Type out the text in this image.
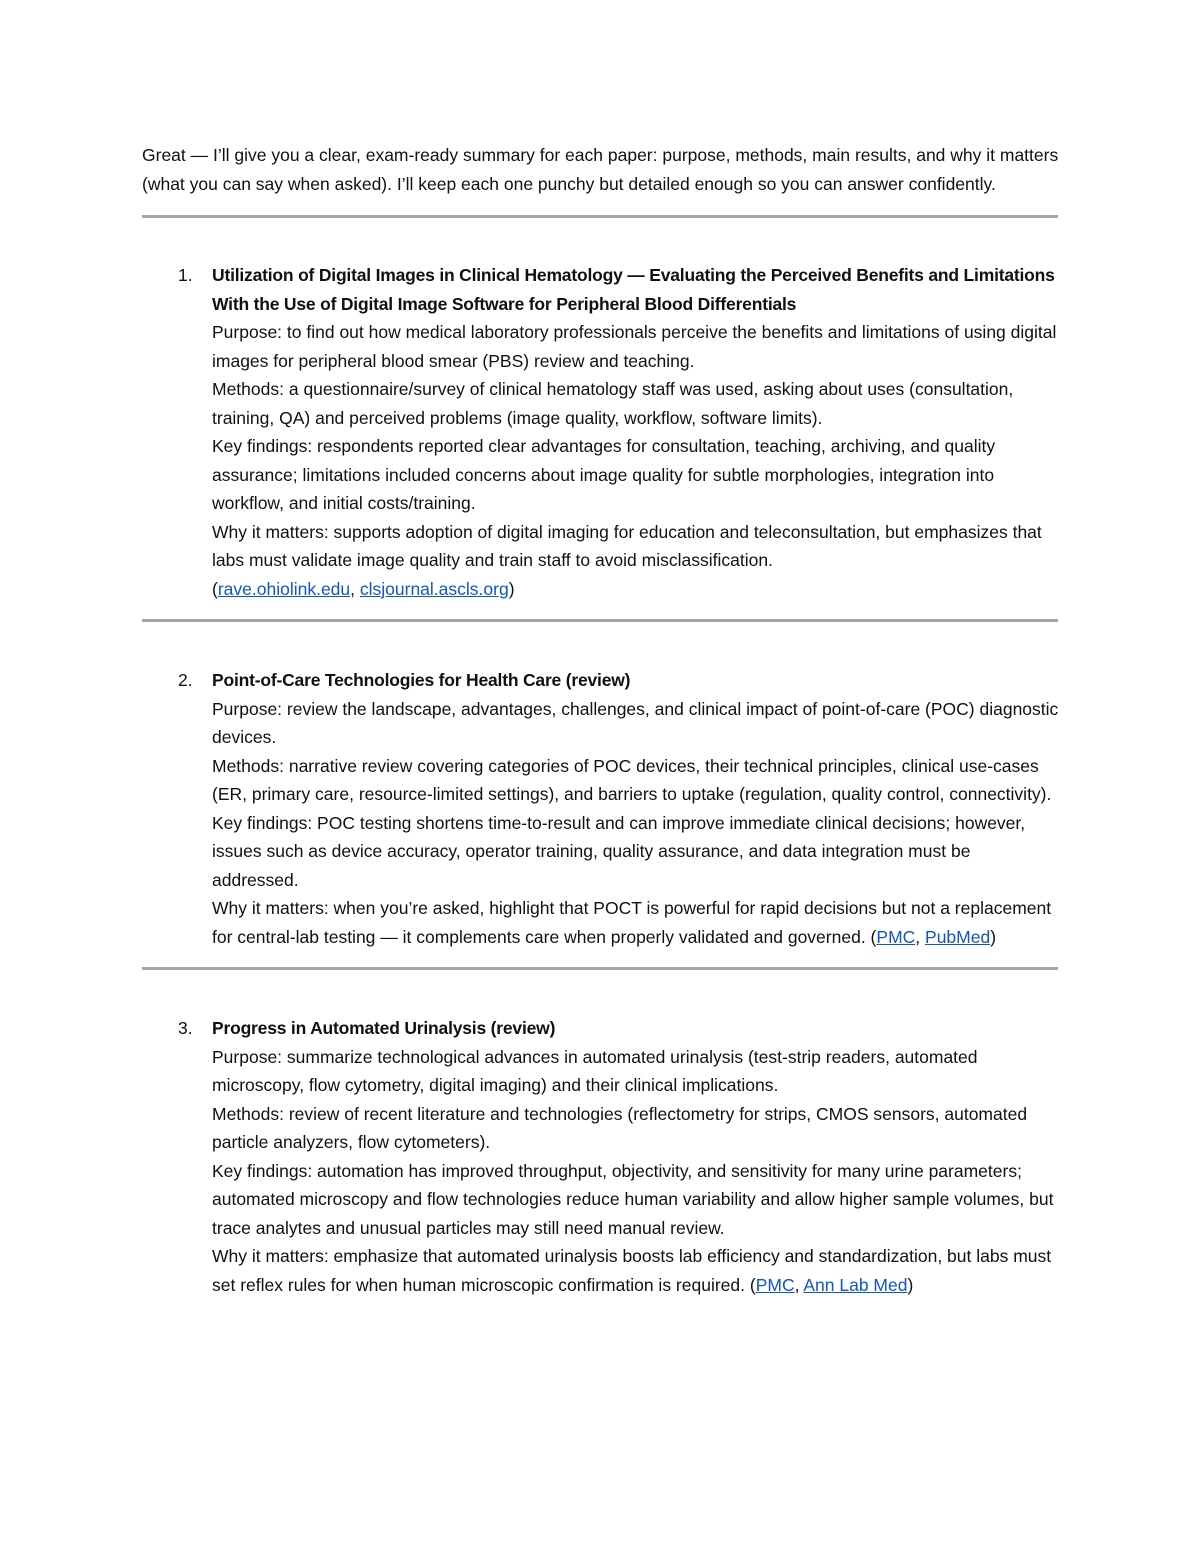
Great — I’ll give you a clear, exam-ready summary for each paper: purpose, methods, main results, and why it matters (what you can say when asked). I’ll keep each one punchy but detailed enough so you can answer confidently.

1. Utilization of Digital Images in Clinical Hematology — Evaluating the Perceived Benefits and Limitations With the Use of Digital Image Software for Peripheral Blood Differentials

Purpose: to find out how medical laboratory professionals perceive the benefits and limitations of using digital images for peripheral blood smear (PBS) review and teaching.

Methods: a questionnaire/survey of clinical hematology staff was used, asking about uses (consultation, training, QA) and perceived problems (image quality, workflow, software limits).

Key findings: respondents reported clear advantages for consultation, teaching, archiving, and quality assurance; limitations included concerns about image quality for subtle morphologies, integration into workflow, and initial costs/training.

Why it matters: supports adoption of digital imaging for education and teleconsultation, but emphasizes that labs must validate image quality and train staff to avoid misclassification.
(rave.ohiolink.edu, clsjournal.ascls.org)

2. Point-of-Care Technologies for Health Care (review)

Purpose: review the landscape, advantages, challenges, and clinical impact of point-of-care (POC) diagnostic devices.

Methods: narrative review covering categories of POC devices, their technical principles, clinical use-cases (ER, primary care, resource-limited settings), and barriers to uptake (regulation, quality control, connectivity).

Key findings: POC testing shortens time-to-result and can improve immediate clinical decisions; however, issues such as device accuracy, operator training, quality assurance, and data integration must be addressed.

Why it matters: when you’re asked, highlight that POCT is powerful for rapid decisions but not a replacement for central-lab testing — it complements care when properly validated and governed. (PMC, PubMed)

3. Progress in Automated Urinalysis (review)

Purpose: summarize technological advances in automated urinalysis (test-strip readers, automated microscopy, flow cytometry, digital imaging) and their clinical implications.

Methods: review of recent literature and technologies (reflectometry for strips, CMOS sensors, automated particle analyzers, flow cytometers).

Key findings: automation has improved throughput, objectivity, and sensitivity for many urine parameters; automated microscopy and flow technologies reduce human variability and allow higher sample volumes, but trace analytes and unusual particles may still need manual review.

Why it matters: emphasize that automated urinalysis boosts lab efficiency and standardization, but labs must set reflex rules for when human microscopic confirmation is required. (PMC, Ann Lab Med)
